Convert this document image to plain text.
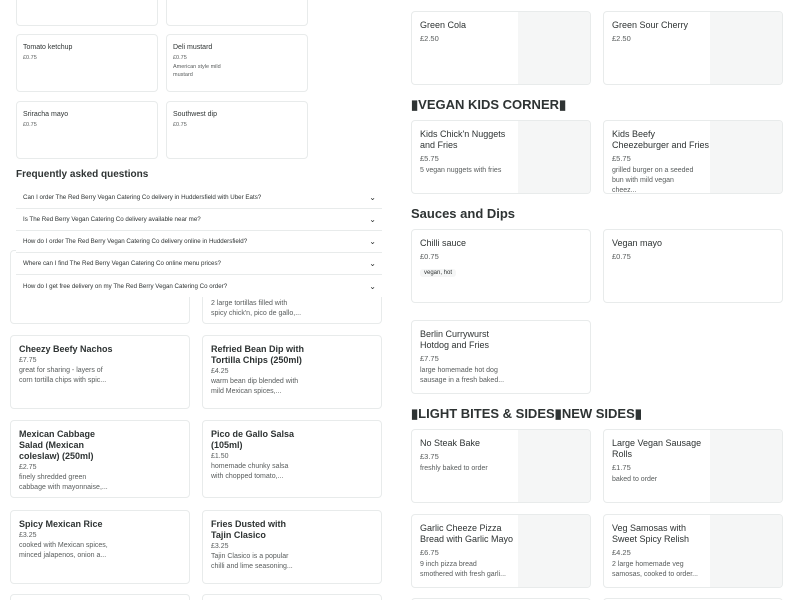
Tomato ketchup
£0.75
Deli mustard
£0.75
American style mild mustard
Sriracha mayo
£0.75
Southwest dip
£0.75
2 large tortillas filled with spicy chick'n, pico de gallo,...
Frequently asked questions
Can I order The Red Berry Vegan Catering Co delivery in Huddersfield with Uber Eats?	⌄
Is The Red Berry Vegan Catering Co delivery available near me?	⌄
How do I order The Red Berry Vegan Catering Co delivery online in Huddersfield?	⌄
Where can I find The Red Berry Vegan Catering Co online menu prices?	⌄
How do I get free delivery on my The Red Berry Vegan Catering Co order?	⌄
Cheezy Beefy Nachos
£7.75
great for sharing - layers of corn tortilla chips with spic...
Refried Bean Dip with Tortilla Chips (250ml)
£4.25
warm bean dip blended with mild Mexican spices,...
Mexican Cabbage Salad (Mexican coleslaw) (250ml)
£2.75
finely shredded green cabbage with mayonnaise,...
Pico de Gallo Salsa (105ml)
£1.50
homemade chunky salsa with chopped tomato,...
Spicy Mexican Rice
£3.25
cooked with Mexican spices, minced jalapenos, onion a...
Fries Dusted with Tajin Clasico
£3.25
Tajin Clasico is a popular chilli and lime seasoning...
Green Cola
£2.50
Green Sour Cherry
£2.50
▮VEGAN KIDS CORNER▮
Kids Chick'n Nuggets and Fries
£5.75
5 vegan nuggets with fries
Kids Beefy Cheezeburger and Fries
£5.75
grilled burger on a seeded bun with mild vegan cheez...
Sauces and Dips
Chilli sauce
£0.75
vegan, hot
Vegan mayo
£0.75
Berlin Currywurst Hotdog and Fries
£7.75
large homemade hot dog sausage in a fresh baked...
▮LIGHT BITES & SIDES▮NEW SIDES▮
No Steak Bake
£3.75
freshly baked to order
Large Vegan Sausage Rolls
£1.75
baked to order
Garlic Cheeze Pizza Bread with Garlic Mayo
£6.75
9 inch pizza bread smothered with fresh garli...
Veg Samosas with Sweet Spicy Relish
£4.25
2 large homemade veg samosas, cooked to order...
